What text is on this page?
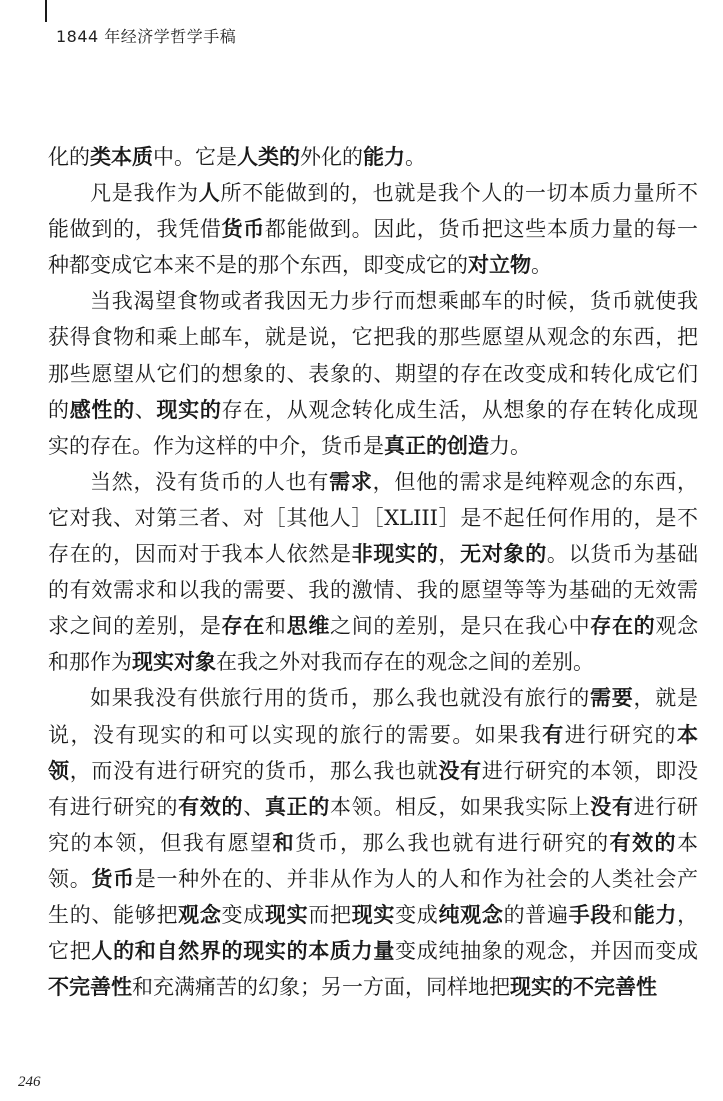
1844 年经济学哲学手稿

化的类本质中。它是人类的外化的能力。

凡是我作为人所不能做到的，也就是我个人的一切本质力量所不能做到的，我凭借货币都能做到。因此，货币把这些本质力量的每一种都变成它本来不是的那个东西，即变成它的对立物。

当我渴望食物或者我因无力步行而想乘邮车的时候，货币就使我获得食物和乘上邮车，就是说，它把我的那些愿望从观念的东西，把那些愿望从它们的想象的、表象的、期望的存在改变成和转化成它们的感性的、现实的存在，从观念转化成生活，从想象的存在转化成现实的存在。作为这样的中介，货币是真正的创造力。

当然，没有货币的人也有需求，但他的需求是纯粹观念的东西，它对我、对第三者、对［其他人］［XLIII］是不起任何作用的，是不存在的，因而对于我本人依然是非现实的，无对象的。以货币为基础的有效需求和以我的需要、我的激情、我的愿望等等为基础的无效需求之间的差别，是存在和思维之间的差别，是只在我心中存在的观念和那作为现实对象在我之外对我而存在的观念之间的差别。

如果我没有供旅行用的货币，那么我也就没有旅行的需要，就是说，没有现实的和可以实现的旅行的需要。如果我有进行研究的本领，而没有进行研究的货币，那么我也就没有进行研究的本领，即没有进行研究的有效的、真正的本领。相反，如果我实际上没有进行研究的本领，但我有愿望和货币，那么我也就有进行研究的有效的本领。货币是一种外在的、并非从作为人的人和作为社会的人类社会产生的、能够把观念变成现实而把现实变成纯观念的普遍手段和能力，它把人的和自然界的现实的本质力量变成纯抽象的观念，并因而变成不完善性和充满痛苦的幻象；另一方面，同样地把现实的不完善性

246
